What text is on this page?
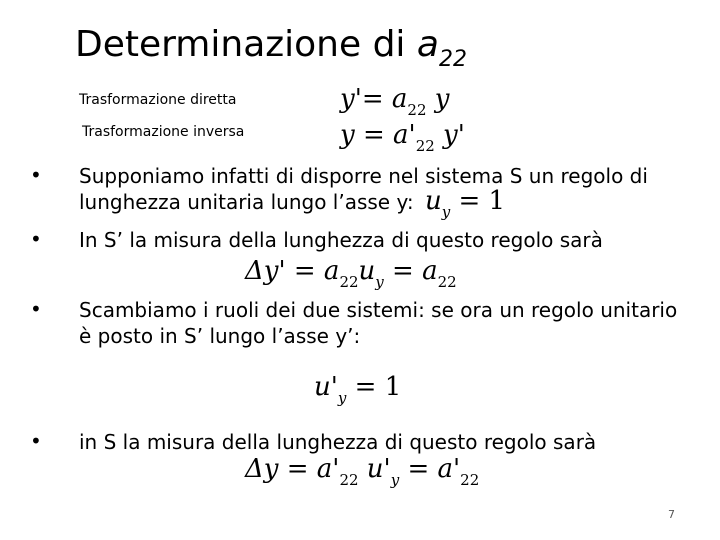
Determinazione di $a_{22}$
Trasformazione diretta
Trasformazione inversa
$y'= a_{22}$ y
$y = a'_{22}$ y'
• Supponiamo infatti di disporre nel sistema S un regolo di
lunghezza unitaria lungo l’asse y: $u_y = 1$
• In S’ la misura della lunghezza di questo regolo sarà
$\Delta y' = a_{22}u_y = a_{22}$
• Scambiamo i ruoli dei due sistemi: se ora un regolo unitario
è posto in S’ lungo l’asse y’:
$u'_y = 1$
• in S la misura della lunghezza di questo regolo sarà
$\Delta y = a'_{22}$ $u'_y = a'_{22}$
7
